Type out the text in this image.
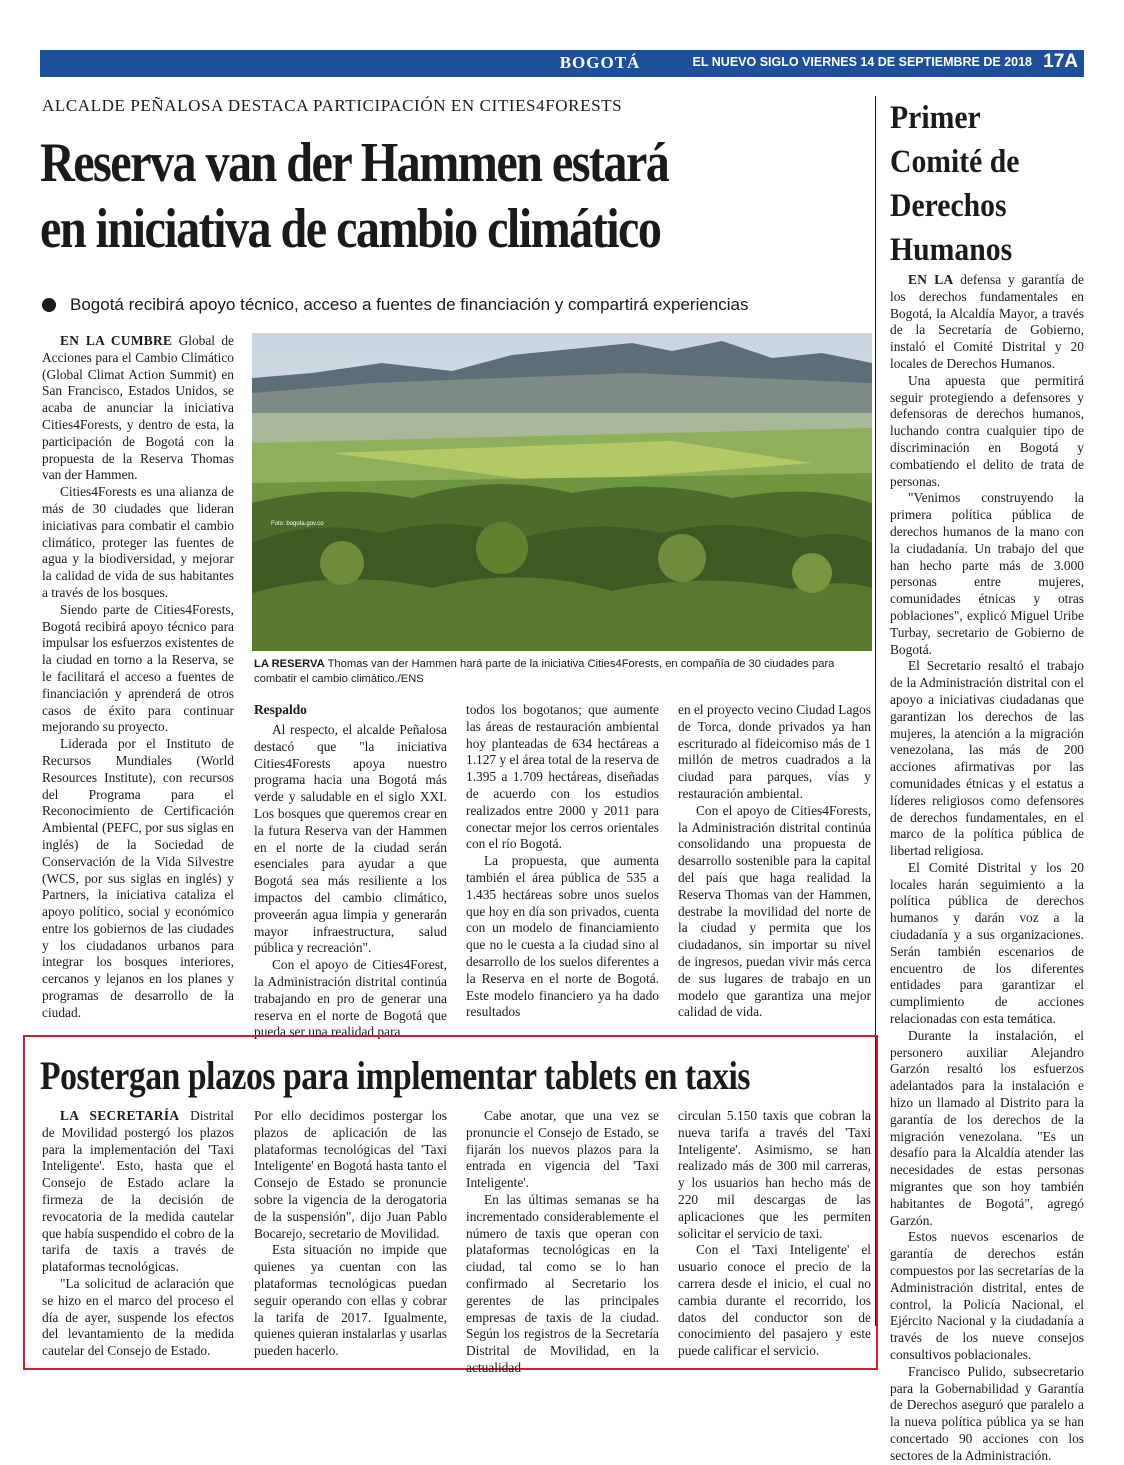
BOGOTÁ	EL NUEVO SIGLO VIERNES 14 DE SEPTIEMBRE DE 2018 17A
ALCALDE PEÑALOSA DESTACA PARTICIPACIÓN EN CITIES4FORESTS
Reserva van der Hammen estará
en iniciativa de cambio climático
Bogotá recibirá apoyo técnico, acceso a fuentes de financiación y compartirá experiencias

EN LA CUMBRE Global de Acciones para el Cambio Climático (Global Climat Action Summit) en San Francisco, Estados Unidos, se acaba de anunciar la iniciativa Cities4Forests, y dentro de esta, la participación de Bogotá con la propuesta de la Reserva Thomas van der Hammen.

Cities4Forests es una alianza de más de 30 ciudades que lideran iniciativas para combatir el cambio climático, proteger las fuentes de agua y la biodiversidad, y mejorar la calidad de vida de sus habitantes a través de los bosques.

Siendo parte de Cities4Forests, Bogotá recibirá apoyo técnico para impulsar los esfuerzos existentes de la ciudad en torno a la Reserva, se le facilitará el acceso a fuentes de financiación y aprenderá de otros casos de éxito para continuar mejorando su proyecto.

Liderada por el Instituto de Recursos Mundiales (World Resources Institute), con recursos del Programa para el Reconocimiento de Certificación Ambiental (PEFC, por sus siglas en inglés) de la Sociedad de Conservación de la Vida Silvestre (WCS, por sus siglas en inglés) y Partners, la iniciativa cataliza el apoyo político, social y económico entre los gobiernos de las ciudades y los ciudadanos urbanos para integrar los bosques interiores, cercanos y lejanos en los planes y programas de desarrollo de la ciudad.

Foto: bogota.gov.co
LA RESERVA Thomas van der Hammen hará parte de la iniciativa Cities4Forests, en compañía de 30 ciudades para combatir el cambio climático./ENS
Respaldo

Al respecto, el alcalde Peñalosa destacó que "la iniciativa Cities4Forests apoya nuestro programa hacia una Bogotá más verde y saludable en el siglo XXI. Los bosques que queremos crear en la futura Reserva van der Hammen en el norte de la ciudad serán esenciales para ayudar a que Bogotá sea más resiliente a los impactos del cambio climático, proveerán agua limpia y generarán mayor infraestructura, salud pública y recreación".

Con el apoyo de Cities4Forest, la Administración distrital continúa trabajando en pro de generar una reserva en el norte de Bogotá que pueda ser una realidad para

todos los bogotanos; que aumente las áreas de restauración ambiental hoy planteadas de 634 hectáreas a 1.127 y el área total de la reserva de 1.395 a 1.709 hectáreas, diseñadas de acuerdo con los estudios realizados entre 2000 y 2011 para conectar mejor los cerros orientales con el río Bogotá.

La propuesta, que aumenta también el área pública de 535 a 1.435 hectáreas sobre unos suelos que hoy en día son privados, cuenta con un modelo de financiamiento que no le cuesta a la ciudad sino al desarrollo de los suelos diferentes a la Reserva en el norte de Bogotá. Este modelo financiero ya ha dado resultados

en el proyecto vecino Ciudad Lagos de Torca, donde privados ya han escriturado al fideicomiso más de 1 millón de metros cuadrados a la ciudad para parques, vías y restauración ambiental.

Con el apoyo de Cities4Forests, la Administración distrital continúa consolidando una propuesta de desarrollo sostenible para la capital del país que haga realidad la Reserva Thomas van der Hammen, destrabe la movilidad del norte de la ciudad y permita que los ciudadanos, sin importar su nivel de ingresos, puedan vivir más cerca de sus lugares de trabajo en un modelo que garantiza una mejor calidad de vida.

Primer
Comité de
Derechos
Humanos

EN LA defensa y garantía de los derechos fundamentales en Bogotá, la Alcaldía Mayor, a través de la Secretaría de Gobierno, instaló el Comité Distrital y 20 locales de Derechos Humanos.

Una apuesta que permitirá seguir protegiendo a defensores y defensoras de derechos humanos, luchando contra cualquier tipo de discriminación en Bogotá y combatiendo el delito de trata de personas.

"Venimos construyendo la primera política pública de derechos humanos de la mano con la ciudadanía. Un trabajo del que han hecho parte más de 3.000 personas entre mujeres, comunidades étnicas y otras poblaciones", explicó Miguel Uribe Turbay, secretario de Gobierno de Bogotá.

El Secretario resaltó el trabajo de la Administración distrital con el apoyo a iniciativas ciudadanas que garantizan los derechos de las mujeres, la atención a la migración venezolana, las más de 200 acciones afirmativas por las comunidades étnicas y el estatus a líderes religiosos como defensores de derechos fundamentales, en el marco de la política pública de libertad religiosa.

El Comité Distrital y los 20 locales harán seguimiento a la política pública de derechos humanos y darán voz a la ciudadanía y a sus organizaciones. Serán también escenarios de encuentro de los diferentes entidades para garantizar el cumplimiento de acciones relacionadas con esta temática.

Durante la instalación, el personero auxiliar Alejandro Garzón resaltó los esfuerzos adelantados para la instalación e hizo un llamado al Distrito para la garantía de los derechos de la migración venezolana. "Es un desafío para la Alcaldía atender las necesidades de estas personas migrantes que son hoy también habitantes de Bogotá", agregó Garzón.

Estos nuevos escenarios de garantía de derechos están compuestos por las secretarías de la Administración distrital, entes de control, la Policía Nacional, el Ejército Nacional y la ciudadanía a través de los nueve consejos consultivos poblacionales.

Francisco Pulido, subsecretario para la Gobernabilidad y Garantía de Derechos aseguró que paralelo a la nueva política pública ya se han concertado 90 acciones con los sectores de la Administración.

Postergan plazos para implementar tablets en taxis

LA SECRETARÍA Distrital de Movilidad postergó los plazos para la implementación del 'Taxi Inteligente'. Esto, hasta que el Consejo de Estado aclare la firmeza de la decisión de revocatoria de la medida cautelar que había suspendido el cobro de la tarifa de taxis a través de plataformas tecnológicas.

"La solicitud de aclaración que se hizo en el marco del proceso el día de ayer, suspende los efectos del levantamiento de la medida cautelar del Consejo de Estado.

Por ello decidimos postergar los plazos de aplicación de las plataformas tecnológicas del 'Taxi Inteligente' en Bogotá hasta tanto el Consejo de Estado se pronuncie sobre la vigencia de la derogatoria de la suspensión", dijo Juan Pablo Bocarejo, secretario de Movilidad.

Esta situación no impide que quienes ya cuentan con las plataformas tecnológicas puedan seguir operando con ellas y cobrar la tarifa de 2017. Igualmente, quienes quieran instalarlas y usarlas pueden hacerlo.

Cabe anotar, que una vez se pronuncie el Consejo de Estado, se fijarán los nuevos plazos para la entrada en vigencia del 'Taxi Inteligente'.

En las últimas semanas se ha incrementado considerablemente el número de taxis que operan con plataformas tecnológicas en la ciudad, tal como se lo han confirmado al Secretario los gerentes de las principales empresas de taxis de la ciudad. Según los registros de la Secretaría Distrital de Movilidad, en la actualidad

circulan 5.150 taxis que cobran la nueva tarifa a través del 'Taxi Inteligente'. Asimismo, se han realizado más de 300 mil carreras, y los usuarios han hecho más de 220 mil descargas de las aplicaciones que les permiten solicitar el servicio de taxi.

Con el 'Taxi Inteligente' el usuario conoce el precio de la carrera desde el inicio, el cual no cambia durante el recorrido, los datos del conductor son de conocimiento del pasajero y este puede calificar el servicio.
